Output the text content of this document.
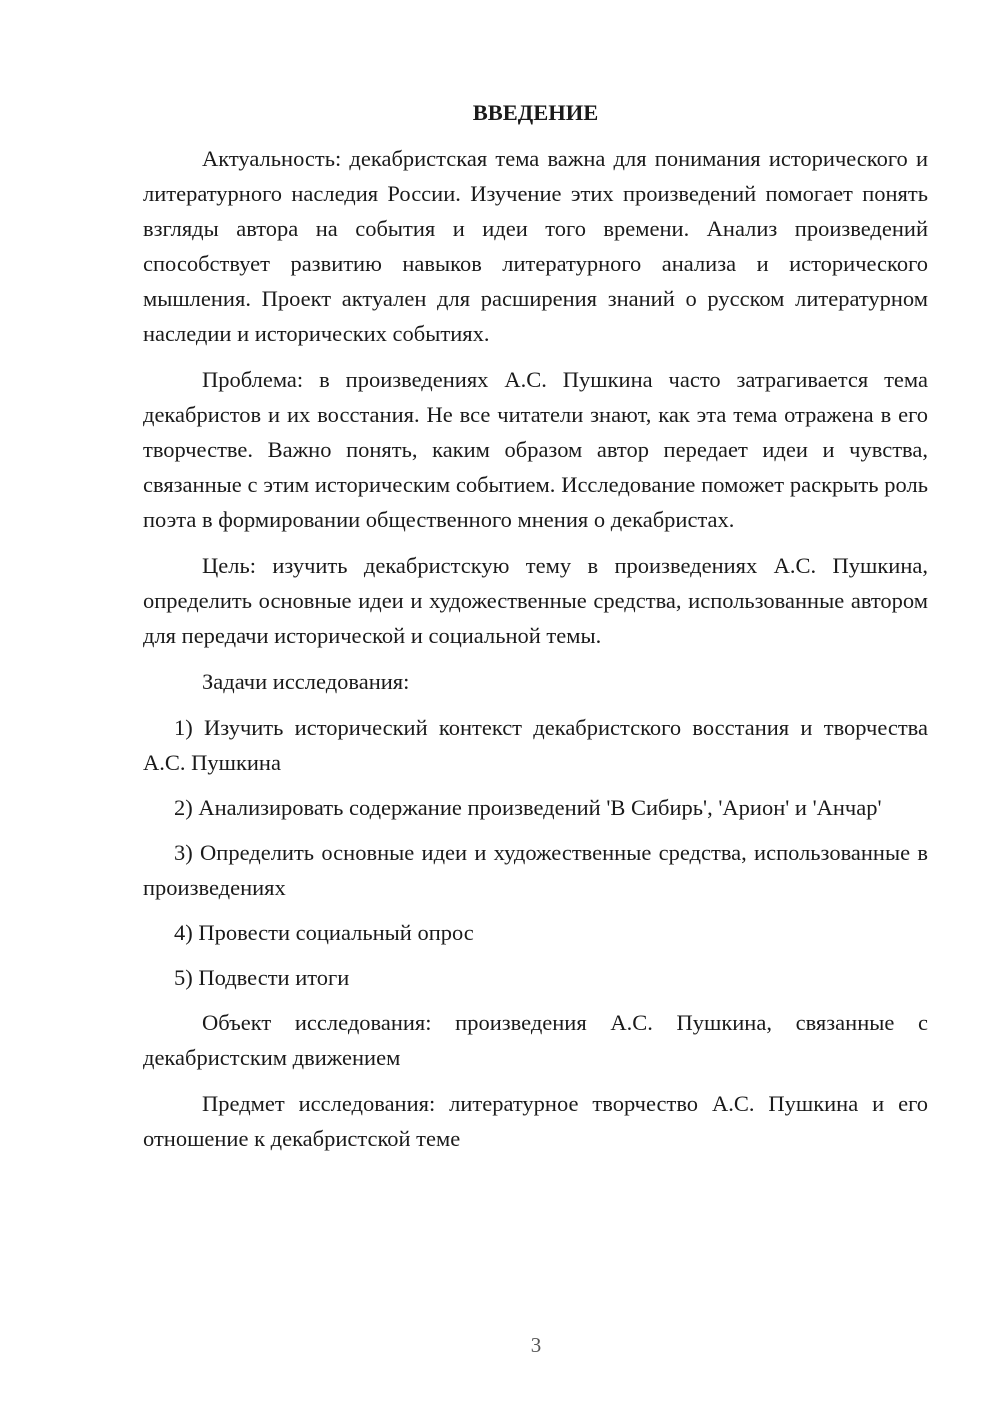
ВВЕДЕНИЕ

Актуальность: декабристская тема важна для понимания исторического и литературного наследия России. Изучение этих произведений помогает понять взгляды автора на события и идеи того времени. Анализ произведений способствует развитию навыков литературного анализа и исторического мышления. Проект актуален для расширения знаний о русском литературном наследии и исторических событиях.

Проблема: в произведениях А.С. Пушкина часто затрагивается тема декабристов и их восстания. Не все читатели знают, как эта тема отражена в его творчестве. Важно понять, каким образом автор передает идеи и чувства, связанные с этим историческим событием. Исследование поможет раскрыть роль поэта в формировании общественного мнения о декабристах.

Цель: изучить декабристскую тему в произведениях А.С. Пушкина, определить основные идеи и художественные средства, использованные автором для передачи исторической и социальной темы.

Задачи исследования:

1) Изучить исторический контекст декабристского восстания и творчества А.С. Пушкина

2) Анализировать содержание произведений 'В Сибирь', 'Арион' и 'Анчар'

3) Определить основные идеи и художественные средства, использованные в произведениях

4) Провести социальный опрос

5) Подвести итоги

Объект исследования: произведения А.С. Пушкина, связанные с декабристским движением

Предмет исследования: литературное творчество А.С. Пушкина и его отношение к декабристской теме

3
